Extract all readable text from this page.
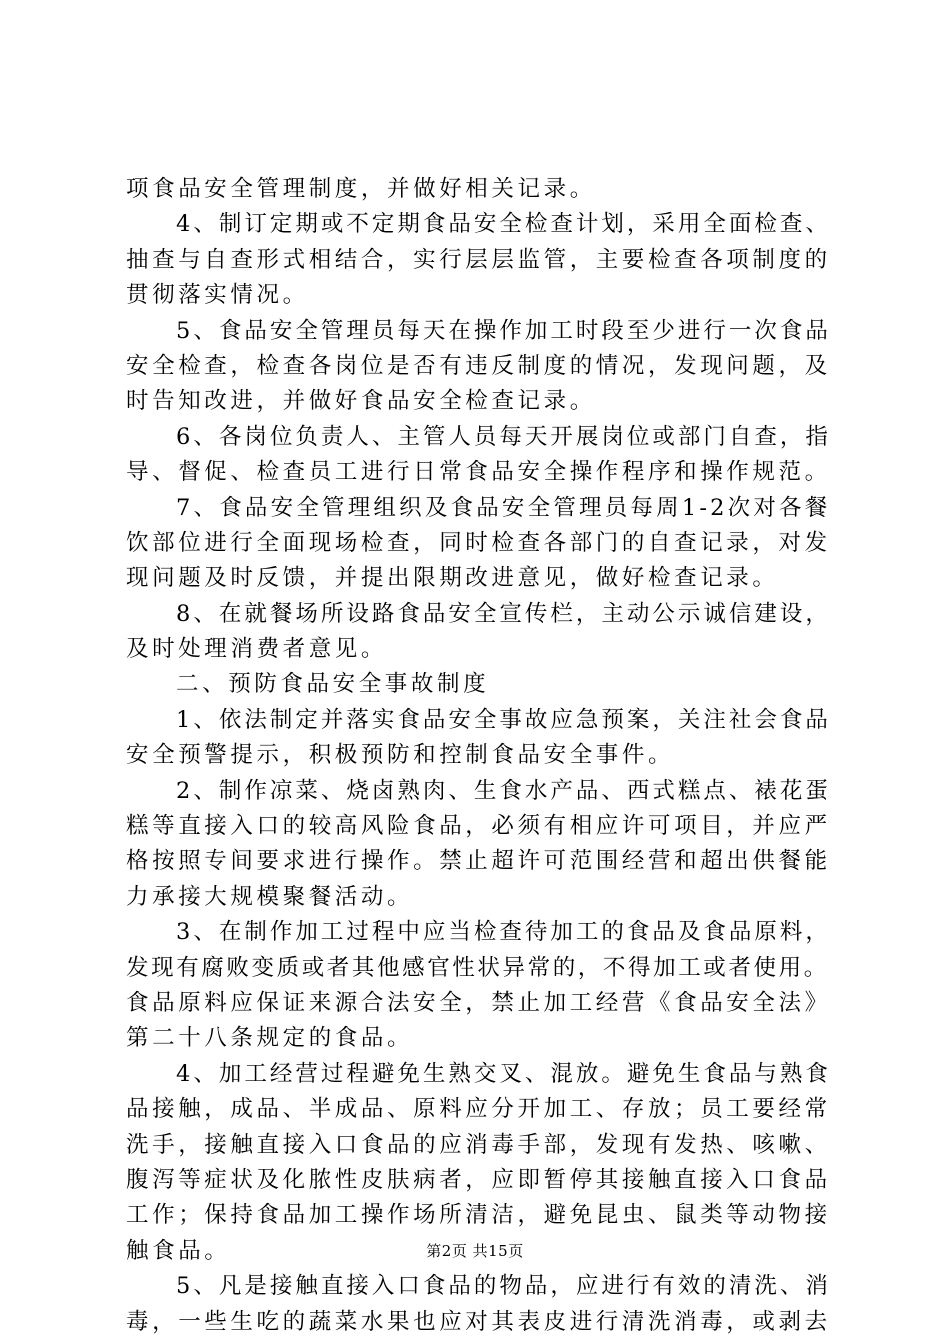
项食品安全管理制度，并做好相关记录。
4、制订定期或不定期食品安全检查计划，采用全面检查、
抽查与自查形式相结合，实行层层监管，主要检查各项制度的
贯彻落实情况。
5、食品安全管理员每天在操作加工时段至少进行一次食品
安全检查，检查各岗位是否有违反制度的情况，发现问题，及
时告知改进，并做好食品安全检查记录。
6、各岗位负责人、主管人员每天开展岗位或部门自查，指
导、督促、检查员工进行日常食品安全操作程序和操作规范。
7、食品安全管理组织及食品安全管理员每周1-2次对各餐
饮部位进行全面现场检查，同时检查各部门的自查记录，对发
现问题及时反馈，并提出限期改进意见，做好检查记录。
8、在就餐场所设路食品安全宣传栏，主动公示诚信建设，
及时处理消费者意见。
二、预防食品安全事故制度
1、依法制定并落实食品安全事故应急预案，关注社会食品
安全预警提示，积极预防和控制食品安全事件。
2、制作凉菜、烧卤熟肉、生食水产品、西式糕点、裱花蛋
糕等直接入口的较高风险食品，必须有相应许可项目，并应严
格按照专间要求进行操作。禁止超许可范围经营和超出供餐能
力承接大规模聚餐活动。
3、在制作加工过程中应当检查待加工的食品及食品原料，
发现有腐败变质或者其他感官性状异常的，不得加工或者使用。
食品原料应保证来源合法安全，禁止加工经营《食品安全法》
第二十八条规定的食品。
4、加工经营过程避免生熟交叉、混放。避免生食品与熟食
品接触，成品、半成品、原料应分开加工、存放；员工要经常
洗手，接触直接入口食品的应消毒手部，发现有发热、咳嗽、
腹泻等症状及化脓性皮肤病者，应即暂停其接触直接入口食品
工作；保持食品加工操作场所清洁，避免昆虫、鼠类等动物接
触食品。
5、凡是接触直接入口食品的物品，应进行有效的清洗、消
毒，一些生吃的蔬菜水果也应对其表皮进行清洗消毒，或剥去
第2页 共15页
